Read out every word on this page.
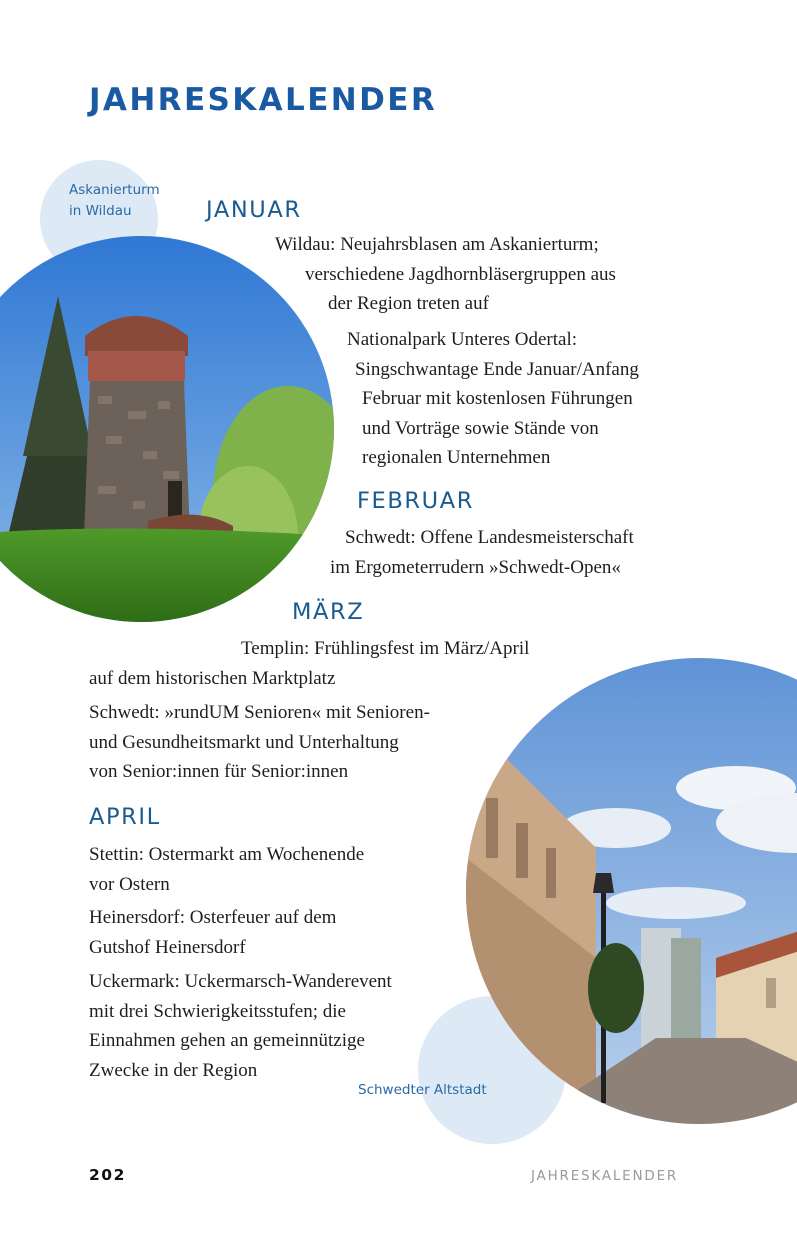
JAHRESKALENDER
Askanierturm
in Wildau	JANUAR

Wildau: Neujahrsblasen am Askanierturm;
verschiedene Jagdhornbläsergruppen aus
der Region treten auf

Nationalpark Unteres Odertal:
Singschwantage Ende Januar/Anfang
Februar mit kostenlosen Führungen
und Vorträge sowie Stände von
regionalen Unternehmen

FEBRUAR

Schwedt: Offene Landesmeisterschaft
im Ergometerrudern »Schwedt-Open«

MÄRZ

Templin: Frühlingsfest im März/April
auf dem historischen Marktplatz

Schwedt: »rundUM Senioren« mit Senioren-
und Gesundheitsmarkt und Unterhaltung
von Senior:innen für Senior:innen

APRIL

Stettin: Ostermarkt am Wochenende
vor Ostern

Heinersdorf: Osterfeuer auf dem
Gutshof Heinersdorf

Uckermark: Uckermarsch-Wanderevent
mit drei Schwierigkeitsstufen; die
Einnahmen gehen an gemeinnützige
Zwecke in der Region

Schwedter Altstadt
202	JAHRESKALENDER
